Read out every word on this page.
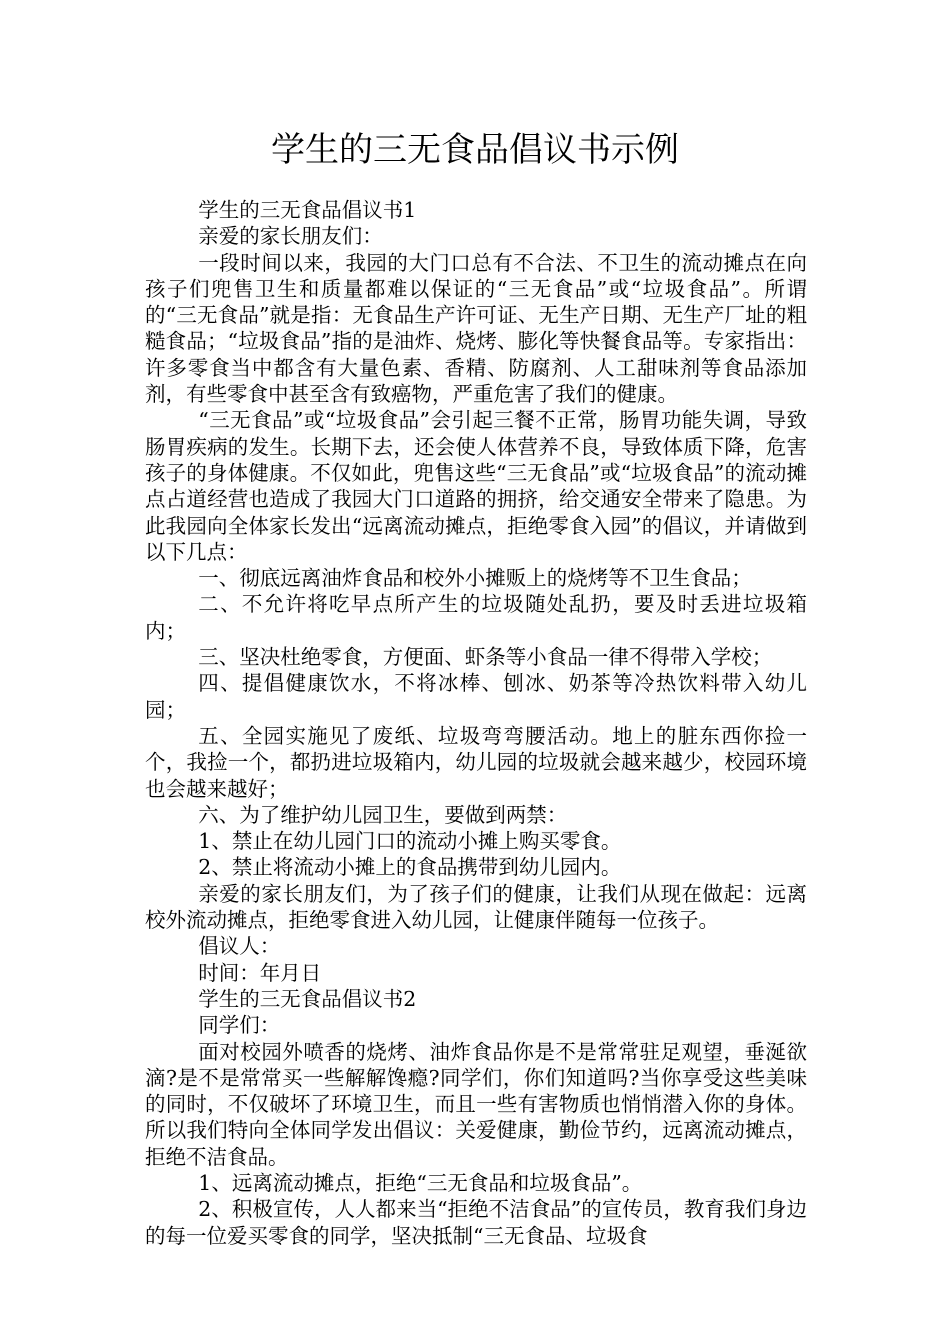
学生的三无食品倡议书示例

学生的三无食品倡议书1

亲爱的家长朋友们：

一段时间以来，我园的大门口总有不合法、不卫生的流动摊点在向孩子们兜售卫生和质量都难以保证的“三无食品”或“垃圾食品”。所谓的“三无食品”就是指：无食品生产许可证、无生产日期、无生产厂址的粗糙食品；“垃圾食品”指的是油炸、烧烤、膨化等快餐食品等。专家指出：许多零食当中都含有大量色素、香精、防腐剂、人工甜味剂等食品添加剂，有些零食中甚至含有致癌物，严重危害了我们的健康。

“三无食品”或“垃圾食品”会引起三餐不正常，肠胃功能失调，导致肠胃疾病的发生。长期下去，还会使人体营养不良，导致体质下降，危害孩子的身体健康。不仅如此，兜售这些“三无食品”或“垃圾食品”的流动摊点占道经营也造成了我园大门口道路的拥挤，给交通安全带来了隐患。为此我园向全体家长发出“远离流动摊点，拒绝零食入园”的倡议，并请做到以下几点：

一、彻底远离油炸食品和校外小摊贩上的烧烤等不卫生食品；

二、不允许将吃早点所产生的垃圾随处乱扔，要及时丢进垃圾箱内；

三、坚决杜绝零食，方便面、虾条等小食品一律不得带入学校；

四、提倡健康饮水，不将冰棒、刨冰、奶茶等冷热饮料带入幼儿园；

五、全园实施见了废纸、垃圾弯弯腰活动。地上的脏东西你捡一个，我捡一个，都扔进垃圾箱内，幼儿园的垃圾就会越来越少，校园环境也会越来越好；

六、为了维护幼儿园卫生，要做到两禁：

1、禁止在幼儿园门口的流动小摊上购买零食。

2、禁止将流动小摊上的食品携带到幼儿园内。

亲爱的家长朋友们，为了孩子们的健康，让我们从现在做起：远离校外流动摊点，拒绝零食进入幼儿园，让健康伴随每一位孩子。

倡议人：

时间：年月日

学生的三无食品倡议书2

同学们：

面对校园外喷香的烧烤、油炸食品你是不是常常驻足观望，垂涎欲滴?是不是常常买一些解解馋瘾?同学们，你们知道吗?当你享受这些美味的同时，不仅破坏了环境卫生，而且一些有害物质也悄悄潜入你的身体。所以我们特向全体同学发出倡议：关爱健康，勤俭节约，远离流动摊点，拒绝不洁食品。

1、远离流动摊点，拒绝“三无食品和垃圾食品”。

2、积极宣传，人人都来当“拒绝不洁食品”的宣传员，教育我们身边的每一位爱买零食的同学，坚决抵制“三无食品、垃圾食
